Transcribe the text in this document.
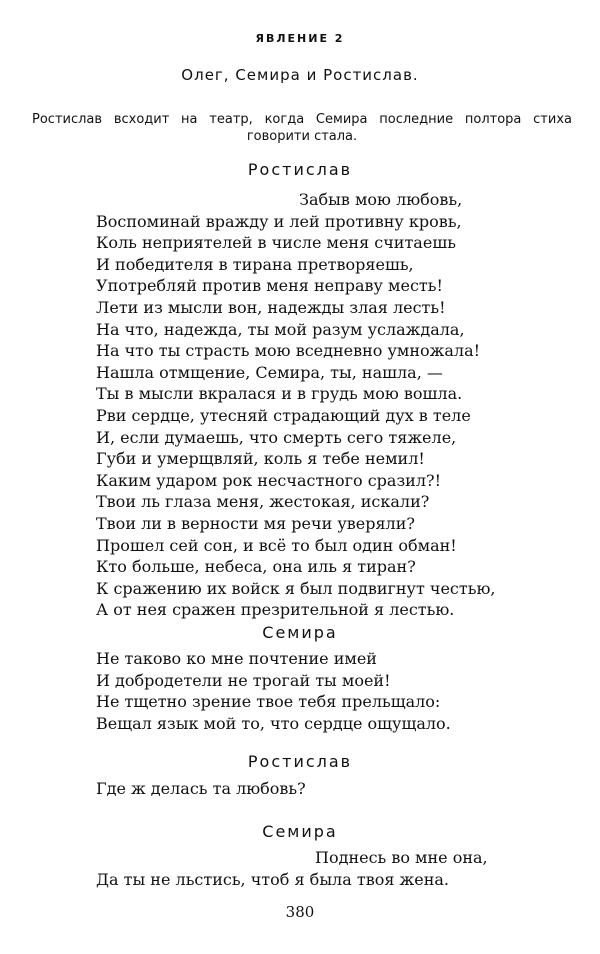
ЯВЛЕНИЕ 2
Олег, Семира и Ростислав.
Ростислав всходит на театр, когда Семира последние полтора стиха говорити стала.
Ростислав
Забыв мою любовь,
Воспоминай вражду и лей противну кровь,
Коль неприятелей в числе меня считаешь
И победителя в тирана претворяешь,
Употребляй против меня неправу месть!
Лети из мысли вон, надежды злая лесть!
На что, надежда, ты мой разум услаждала,
На что ты страсть мою вседневно умножала!
Нашла отмщение, Семира, ты, нашла, —
Ты в мысли вкралася и в грудь мою вошла.
Рви сердце, утесняй страдающий дух в теле
И, если думаешь, что смерть сего тяжеле,
Губи и умерщвляй, коль я тебе немил!
Каким ударом рок несчастного сразил?!
Твои ль глаза меня, жестокая, искали?
Твои ли в верности мя речи уверяли?
Прошел сей сон, и всё то был один обман!
Кто больше, небеса, она иль я тиран?
К сражению их войск я был подвигнут честью,
А от нея сражен презрительной я лестью.
Семира
Не таково ко мне почтение имей
И добродетели не трогай ты моей!
Не тщетно зрение твое тебя прельщало:
Вещал язык мой то, что сердце ощущало.
Ростислав
Где ж делась та любовь?
Семира
Поднесь во мне она,
Да ты не льстись, чтоб я была твоя жена.
380
